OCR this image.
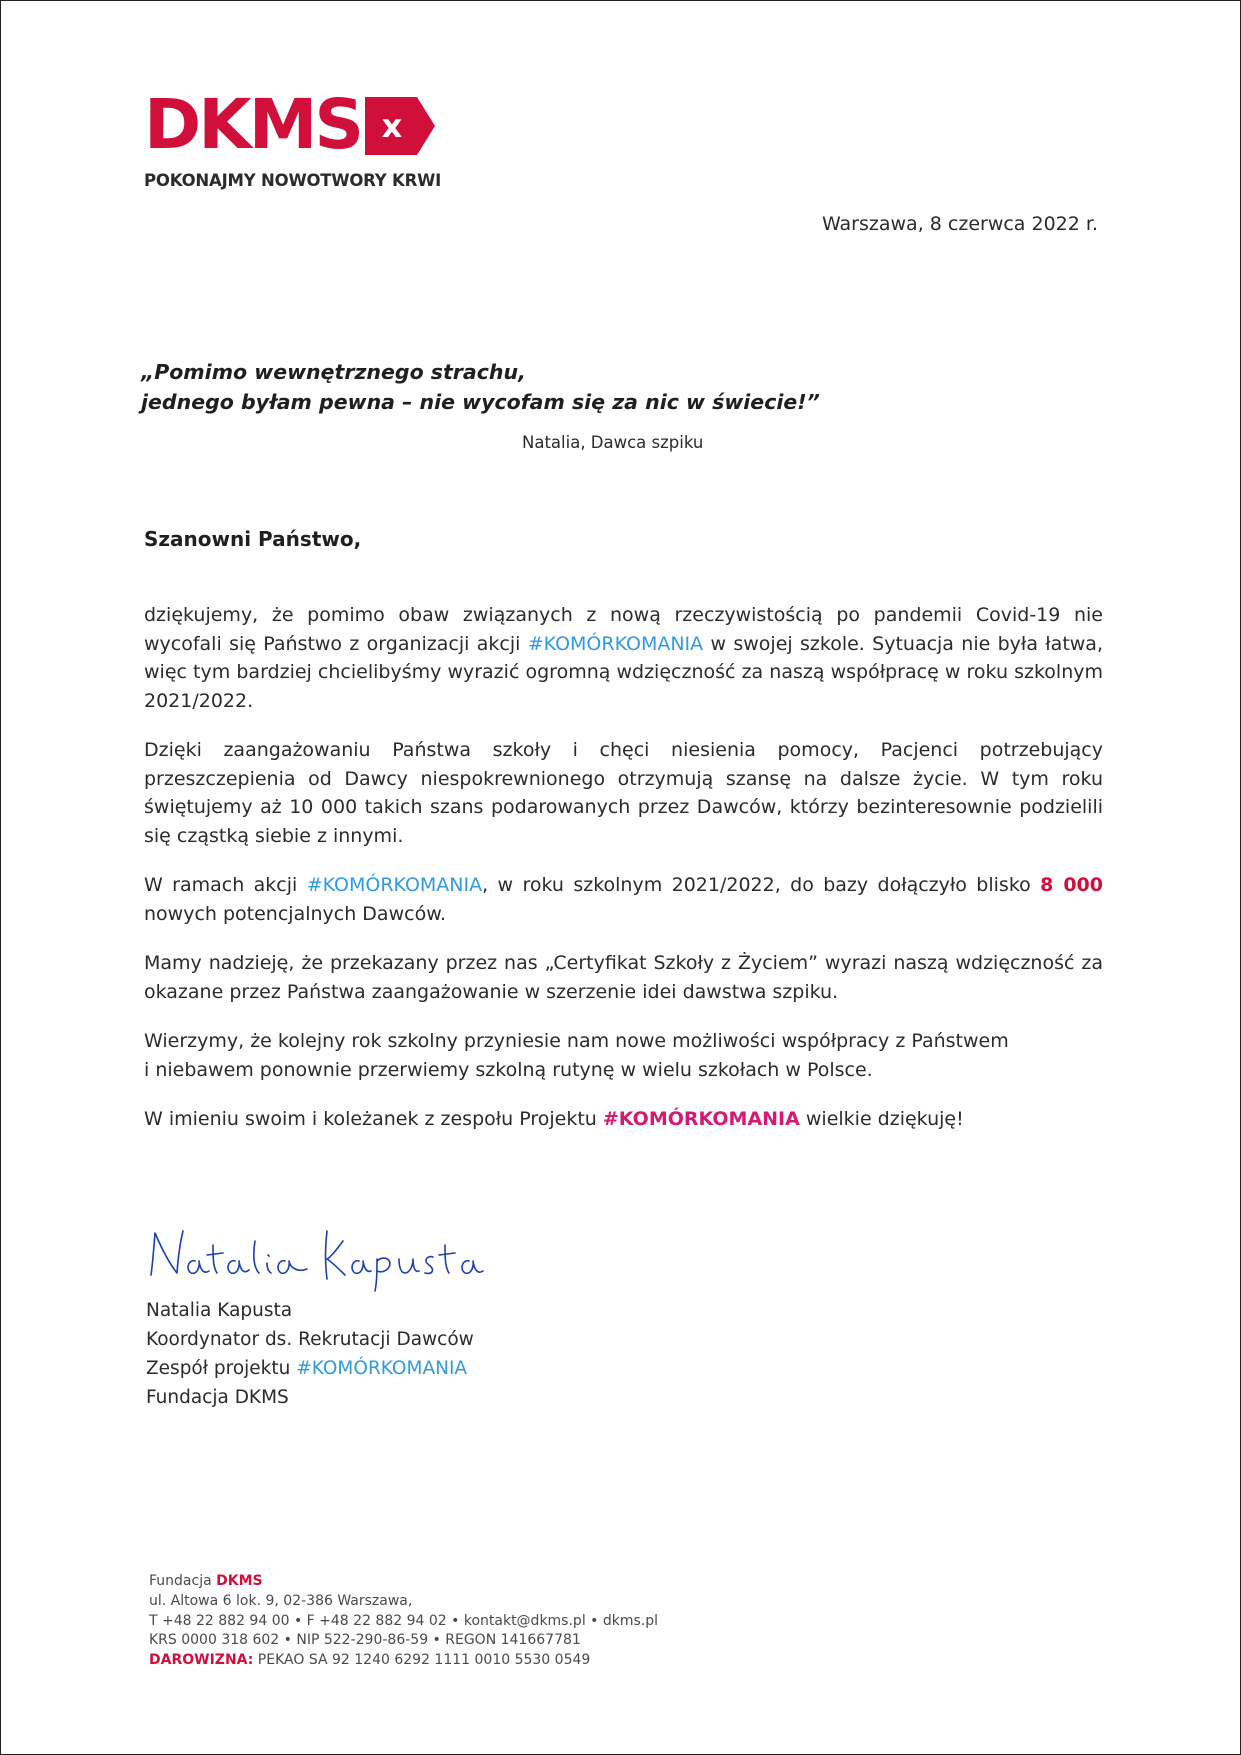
DKMS x
POKONAJMY NOWOTWORY KRWI
Warszawa, 8 czerwca 2022 r.
„Pomimo wewnętrznego strachu,
jednego byłam pewna – nie wycofam się za nic w świecie!”
Natalia, Dawca szpiku
Szanowni Państwo,

dziękujemy, że pomimo obaw związanych z nową rzeczywistością po pandemii Covid-19 nie wycofali się Państwo z organizacji akcji #KOMÓRKOMANIA w swojej szkole. Sytuacja nie była łatwa, więc tym bardziej chcielibyśmy wyrazić ogromną wdzięczność za naszą współpracę w roku szkolnym 2021/2022.

Dzięki zaangażowaniu Państwa szkoły i chęci niesienia pomocy, Pacjenci potrzebujący przeszczepienia od Dawcy niespokrewnionego otrzymują szansę na dalsze życie. W tym roku świętujemy aż 10 000 takich szans podarowanych przez Dawców, którzy bezinteresownie podzielili się cząstką siebie z innymi.

W ramach akcji #KOMÓRKOMANIA, w roku szkolnym 2021/2022, do bazy dołączyło blisko 8 000 nowych potencjalnych Dawców.

Mamy nadzieję, że przekazany przez nas „Certyfikat Szkoły z Życiem” wyrazi naszą wdzięczność za okazane przez Państwa zaangażowanie w szerzenie idei dawstwa szpiku.

Wierzymy, że kolejny rok szkolny przyniesie nam nowe możliwości współpracy z Państwem
i niebawem ponownie przerwiemy szkolną rutynę w wielu szkołach w Polsce.

W imieniu swoim i koleżanek z zespołu Projektu #KOMÓRKOMANIA wielkie dziękuję!

Natalia Kapusta
Koordynator ds. Rekrutacji Dawców
Zespół projektu #KOMÓRKOMANIA
Fundacja DKMS
Fundacja DKMS
ul. Altowa 6 lok. 9, 02-386 Warszawa,
T +48 22 882 94 00 • F +48 22 882 94 02 • kontakt@dkms.pl • dkms.pl
KRS 0000 318 602 • NIP 522-290-86-59 • REGON 141667781
DAROWIZNA: PEKAO SA 92 1240 6292 1111 0010 5530 0549
